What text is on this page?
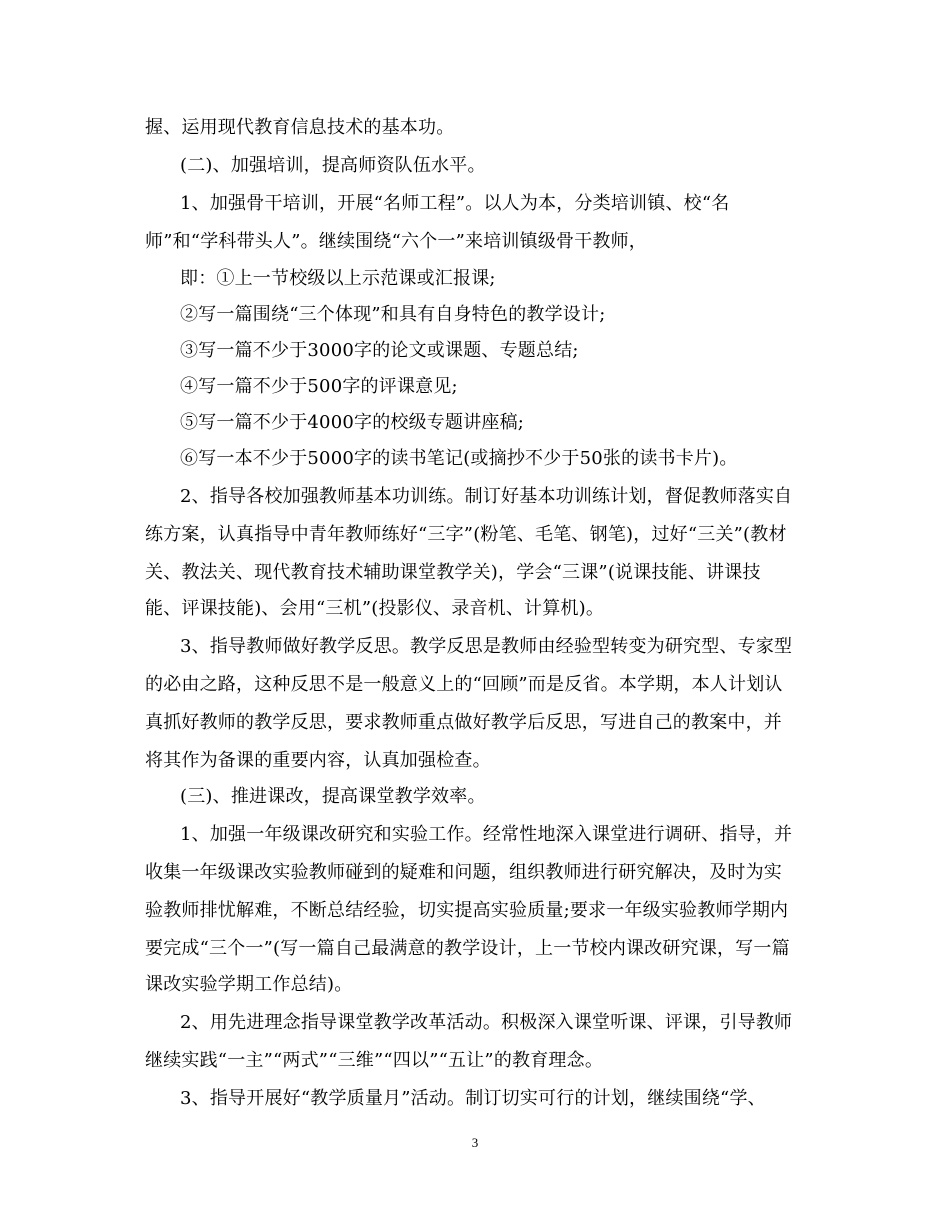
握、运用现代教育信息技术的基本功。
(二)、加强培训，提高师资队伍水平。
1、加强骨干培训，开展“名师工程”。以人为本，分类培训镇、校“名
师”和“学科带头人”。继续围绕“六个一”来培训镇级骨干教师，
即：①上一节校级以上示范课或汇报课;
②写一篇围绕“三个体现”和具有自身特色的教学设计;
③写一篇不少于3000字的论文或课题、专题总结;
④写一篇不少于500字的评课意见;
⑤写一篇不少于4000字的校级专题讲座稿;
⑥写一本不少于5000字的读书笔记(或摘抄不少于50张的读书卡片)。
2、指导各校加强教师基本功训练。制订好基本功训练计划，督促教师落实自
练方案，认真指导中青年教师练好“三字”(粉笔、毛笔、钢笔)，过好“三关”(教材
关、教法关、现代教育技术辅助课堂教学关)，学会“三课”(说课技能、讲课技
能、评课技能)、会用“三机”(投影仪、录音机、计算机)。
3、指导教师做好教学反思。教学反思是教师由经验型转变为研究型、专家型
的必由之路，这种反思不是一般意义上的“回顾”而是反省。本学期，本人计划认
真抓好教师的教学反思，要求教师重点做好教学后反思，写进自己的教案中，并
将其作为备课的重要内容，认真加强检查。
(三)、推进课改，提高课堂教学效率。
1、加强一年级课改研究和实验工作。经常性地深入课堂进行调研、指导，并
收集一年级课改实验教师碰到的疑难和问题，组织教师进行研究解决，及时为实
验教师排忧解难，不断总结经验，切实提高实验质量;要求一年级实验教师学期内
要完成“三个一”(写一篇自己最满意的教学设计，上一节校内课改研究课，写一篇
课改实验学期工作总结)。
2、用先进理念指导课堂教学改革活动。积极深入课堂听课、评课，引导教师
继续实践“一主”“两式”“三维”“四以”“五让”的教育理念。
3、指导开展好“教学质量月”活动。制订切实可行的计划，继续围绕“学、
3
